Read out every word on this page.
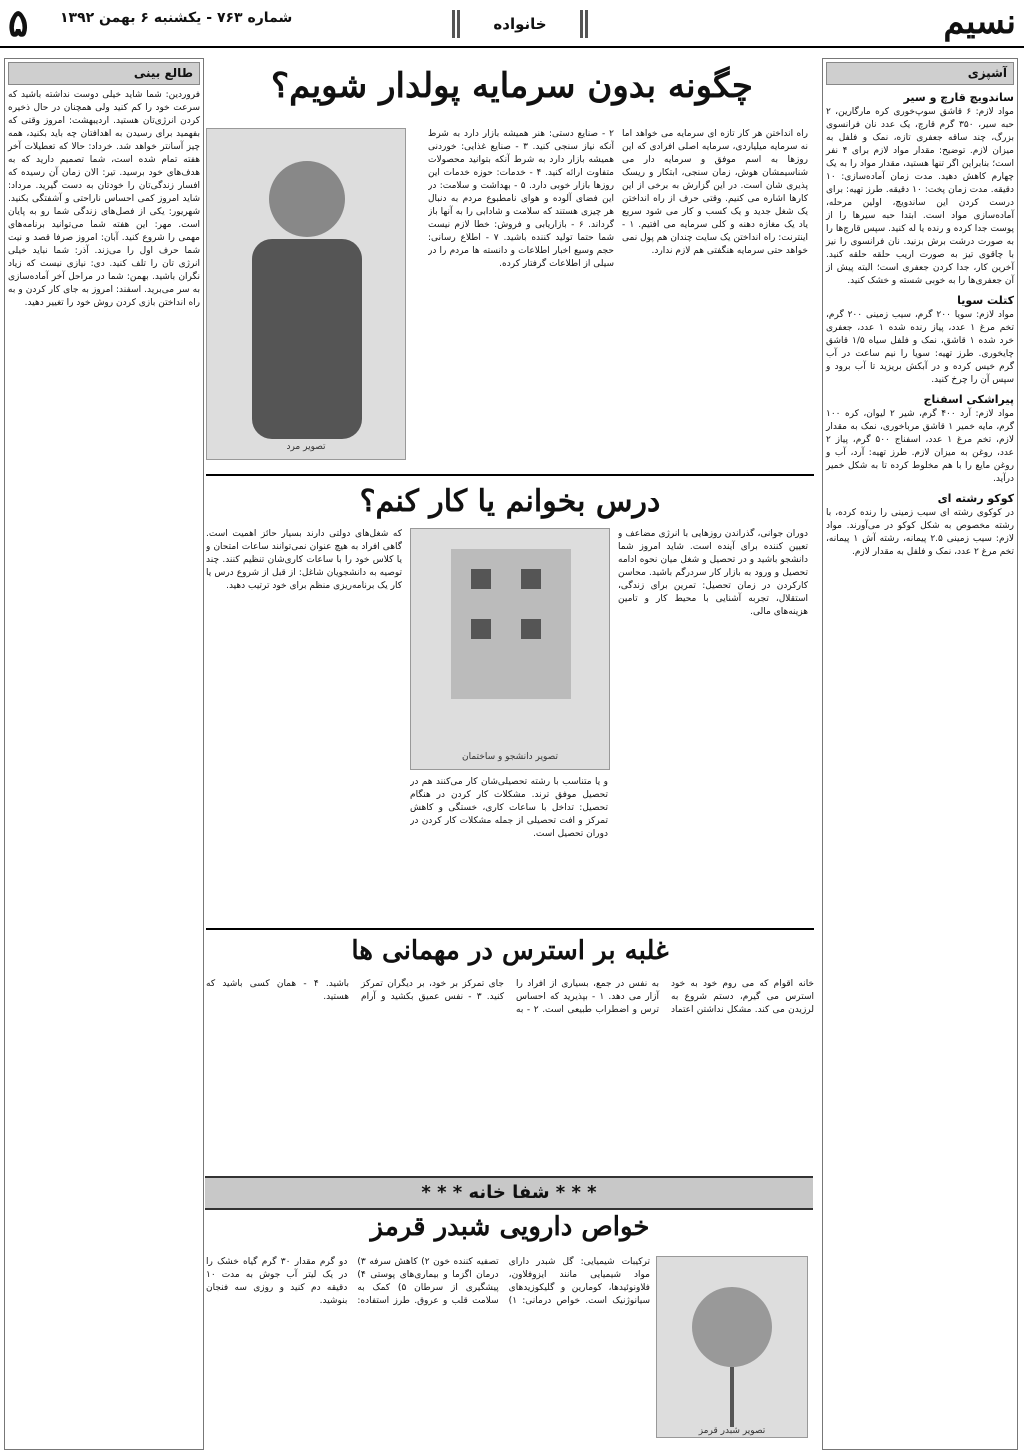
نسیم
خانواده
شماره ۷۶۳ - یکشنبه ۶ بهمن ۱۳۹۲
۵
آشپزی
ساندویچ قارچ و سیر
مواد لازم: ۶ قاشق سوپ‌خوری کره مارگارین، ۲ حبه سیر، ۳۵۰ گرم قارچ، یک عدد نان فرانسوی بزرگ، چند ساقه جعفری تازه، نمک و فلفل به میزان لازم. توضیح: مقدار مواد لازم برای ۴ نفر است؛ بنابراین اگر تنها هستید، مقدار مواد را به یک چهارم کاهش دهید. مدت زمان آماده‌سازی: ۱۰ دقیقه. مدت زمان پخت: ۱۰ دقیقه. طرز تهیه: برای درست کردن این ساندویچ، اولین مرحله، آماده‌سازی مواد است. ابتدا حبه سیرها را از پوست جدا کرده و رنده یا له کنید. سپس قارچ‌ها را به صورت درشت برش بزنید. نان فرانسوی را نیز با چاقوی تیز به صورت اریب حلقه حلقه کنید. آخرین کار، جدا کردن جعفری است؛ البته پیش از آن جعفری‌ها را به خوبی شسته و خشک کنید.
کتلت سویا
مواد لازم: سویا ۲۰۰ گرم، سیب زمینی ۲۰۰ گرم، تخم مرغ ۱ عدد، پیاز رنده شده ۱ عدد، جعفری خرد شده ۱ قاشق، نمک و فلفل سیاه ۱/۵ قاشق چایخوری. طرز تهیه: سویا را نیم ساعت در آب گرم خیس کرده و در آبکش بریزید تا آب برود و سپس آن را چرخ کنید.
پیراشکی اسفناج
مواد لازم: آرد ۴۰۰ گرم، شیر ۲ لیوان، کره ۱۰۰ گرم، مایه خمیر ۱ قاشق مرباخوری، نمک به مقدار لازم، تخم مرغ ۱ عدد، اسفناج ۵۰۰ گرم، پیاز ۲ عدد، روغن به میزان لازم. طرز تهیه: آرد، آب و روغن مایع را با هم مخلوط کرده تا به شکل خمیر درآید.
کوکو رشته ای
در کوکوی رشته ای سیب زمینی را رنده کرده، با رشته مخصوص به شکل کوکو در می‌آورند. مواد لازم: سیب زمینی ۲.۵ پیمانه، رشته آش ۱ پیمانه، تخم مرغ ۲ عدد، نمک و فلفل به مقدار لازم.
طالع بینی
فروردین: شما شاید خیلی دوست نداشته باشید که سرعت خود را کم کنید ولی همچنان در حال ذخیره کردن انرژی‌تان هستید. اردیبهشت: امروز وقتی که بفهمید برای رسیدن به اهدافتان چه باید بکنید، همه چیز آسانتر خواهد شد. خرداد: حالا که تعطیلات آخر هفته تمام شده است، شما تصمیم دارید که به هدف‌های خود برسید. تیر: الان زمان آن رسیده که افسار زندگی‌تان را خودتان به دست گیرید. مرداد: شاید امروز کمی احساس ناراحتی و آشفتگی بکنید. شهریور: یکی از فصل‌های زندگی شما رو به پایان است. مهر: این هفته شما می‌توانید برنامه‌های مهمی را شروع کنید. آبان: امروز صرفا قصد و نیت شما حرف اول را می‌زند. آذر: شما نباید خیلی انرژی تان را تلف کنید. دی: نیازی نیست که زیاد نگران باشید. بهمن: شما در مراحل آخر آماده‌سازی به سر می‌برید. اسفند: امروز به جای کار کردن و به راه انداختن بازی کردن روش خود را تغییر دهید.
چگونه بدون سرمایه پولدار شویم؟
راه انداختن هر کار تازه ای سرمایه می خواهد اما نه سرمایه میلیاردی، سرمایه اصلی افرادی که این روزها به اسم موفق و سرمایه دار می شناسیمشان هوش، زمان سنجی، ابتکار و ریسک پذیری شان است. در این گزارش به برخی از این کارها اشاره می کنیم. وقتی حرف از راه انداختن یک شغل جدید و یک کسب و کار می شود سریع یاد یک مغازه دهنه و کلی سرمایه می افتیم. ۱ - اینترنت: راه انداختن یک سایت چندان هم پول نمی خواهد حتی سرمایه هنگفتی هم لازم ندارد.
۲ - صنایع دستی: هنر همیشه بازار دارد به شرط آنکه نیاز سنجی کنید. ۳ - صنایع غذایی: خوردنی همیشه بازار دارد به شرط آنکه بتوانید محصولات متفاوت ارائه کنید. ۴ - خدمات: حوزه خدمات این روزها بازار خوبی دارد. ۵ - بهداشت و سلامت: در این فضای آلوده و هوای نامطبوع مردم به دنبال هر چیزی هستند که سلامت و شادابی را به آنها باز گرداند. ۶ - بازاریابی و فروش: خطا لازم نیست شما حتما تولید کننده باشید. ۷ - اطلاع رسانی: حجم وسیع اخبار اطلاعات و دانسته ها مردم را در سیلی از اطلاعات گرفتار کرده.
تصویر مرد
درس بخوانم یا کار کنم؟
دوران جوانی، گذراندن روزهایی با انرژی مضاعف و تعیین کننده برای آینده است. شاید امروز شما دانشجو باشید و در تحصیل و شغل میان نحوه ادامه تحصیل و ورود به بازار کار سردرگم باشید. محاسن کارکردن در زمان تحصیل: تمرین برای زندگی، استقلال، تجربه آشنایی با محیط کار و تامین هزینه‌های مالی.
که شغل‌های دولتی دارند بسیار حائز اهمیت است. گاهی افراد به هیچ عنوان نمی‌توانند ساعات امتحان و یا کلاس خود را با ساعات کاری‌شان تنظیم کنند. چند توصیه به دانشجویان شاغل: از قبل از شروع درس یا کار یک برنامه‌ریزی منظم برای خود ترتیب دهید.
تصویر دانشجو و ساختمان
و یا متناسب با رشته تحصیلی‌شان کار می‌کنند هم در تحصیل موفق ترند. مشکلات کار کردن در هنگام تحصیل: تداخل با ساعات کاری، خستگی و کاهش تمرکز و افت تحصیلی از جمله مشکلات کار کردن در دوران تحصیل است.
غلبه بر استرس در مهمانی ها
خانه اقوام که می روم خود به خود استرس می گیرم، دستم شروع به لرزیدن می کند. مشکل نداشتن اعتماد به نفس در جمع، بسیاری از افراد را آزار می دهد. ۱ - بپذیرید که احساس ترس و اضطراب طبیعی است. ۲ - به جای تمرکز بر خود، بر دیگران تمرکز کنید. ۳ - نفس عمیق بکشید و آرام باشید. ۴ - همان کسی باشید که هستید.
* * * شفا خانه * * *
خواص دارویی شبدر قرمز
تصویر شبدر قرمز
ترکیبات شیمیایی: گل شبدر دارای مواد شیمیایی مانند ایزوفلاون، فلاونوئیدها، کومارین و گلیکوزیدهای سیانوژنیک است. خواص درمانی: ۱) تصفیه کننده خون ۲) کاهش سرفه ۳) درمان اگزما و بیماری‌های پوستی ۴) پیشگیری از سرطان ۵) کمک به سلامت قلب و عروق. طرز استفاده: دو گرم مقدار ۳۰ گرم گیاه خشک را در یک لیتر آب جوش به مدت ۱۰ دقیقه دم کنید و روزی سه فنجان بنوشید.
